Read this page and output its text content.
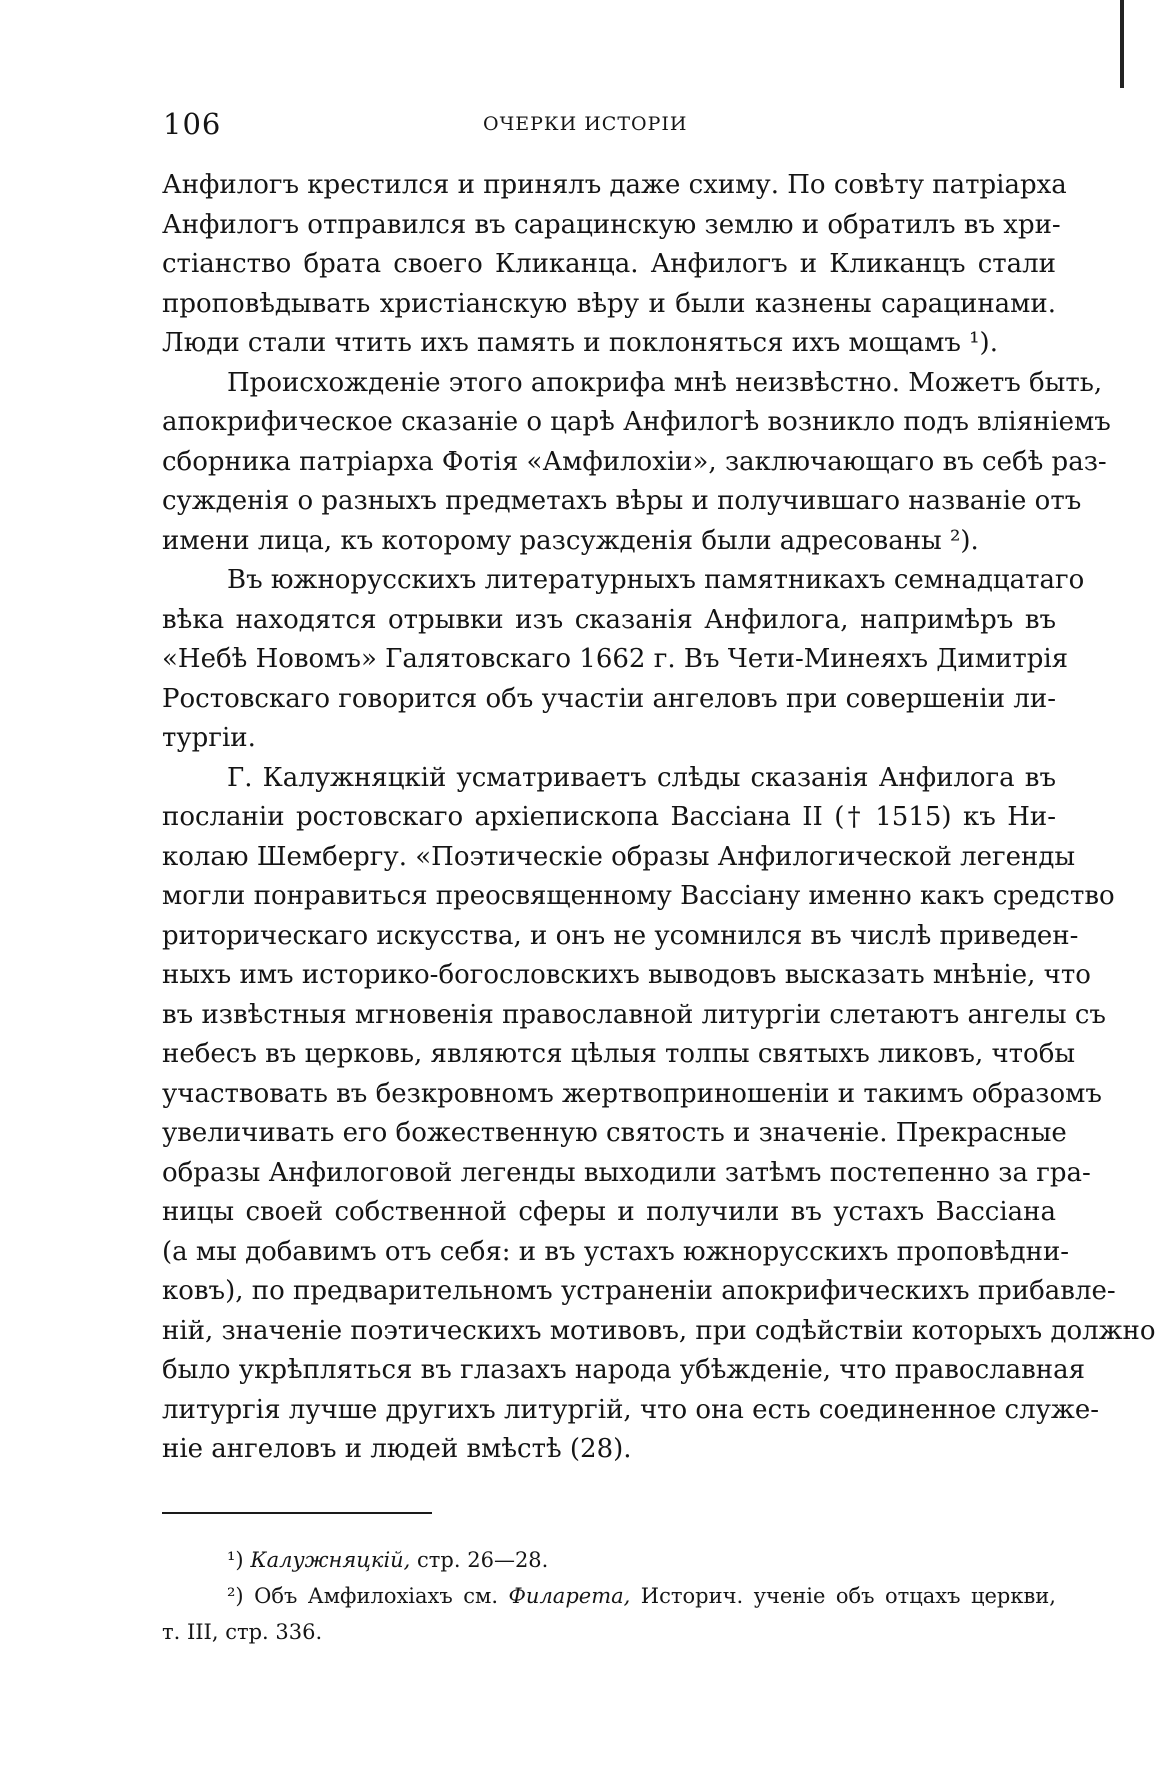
106	ОЧЕРКИ ИСТОРIИ
Анфилогъ крестился и принялъ даже схиму. По совѣту патрiарха
Анфилогъ отправился въ сарацинскую землю и обратилъ въ хри-
стiанство брата своего Кликанца. Анфилогъ и Кликанцъ стали
проповѣдывать христiанскую вѣру и были казнены сарацинами.
Люди стали чтить ихъ память и поклоняться ихъ мощамъ ¹).
Происхожденiе этого апокрифа мнѣ неизвѣстно. Можетъ быть,
апокрифическое сказанiе о царѣ Анфилогѣ возникло подъ влiянiемъ
сборника патрiарха Фотiя «Амфилохiи», заключающаго въ себѣ раз-
сужденiя о разныхъ предметахъ вѣры и получившаго названiе отъ
имени лица, къ которому разсужденiя были адресованы ²).
Въ южнорусскихъ литературныхъ памятникахъ семнадцатаго
вѣка находятся отрывки изъ сказанiя Анфилога, напримѣръ въ
«Небѣ Новомъ» Галятовскаго 1662 г. Въ Чети-Минеяхъ Димитрiя
Ростовскаго говорится объ участiи ангеловъ при совершенiи ли-
тургiи.
Г. Калужняцкiй усматриваетъ слѣды сказанiя Анфилога въ
посланiи ростовскаго архiепископа Вассiана II († 1515) къ Ни-
колаю Шембергу. «Поэтическiе образы Анфилогической легенды
могли понравиться преосвященному Вассiану именно какъ средство
риторическаго искусства, и онъ не усомнился въ числѣ приведен-
ныхъ имъ историко-богословскихъ выводовъ высказать мнѣнiе, что
въ извѣстныя мгновенiя православной литургiи слетаютъ ангелы съ
небесъ въ церковь, являются цѣлыя толпы святыхъ ликовъ, чтобы
участвовать въ безкровномъ жертвоприношенiи и такимъ образомъ
увеличивать его божественную святость и значенiе. Прекрасные
образы Анфилоговой легенды выходили затѣмъ постепенно за гра-
ницы своей собственной сферы и получили въ устахъ Вассiана
(а мы добавимъ отъ себя: и въ устахъ южнорусскихъ проповѣдни-
ковъ), по предварительномъ устраненiи апокрифическихъ прибавле-
нiй, значенiе поэтическихъ мотивовъ, при содѣйствiи которыхъ должно
было укрѣпляться въ глазахъ народа убѣжденiе, что православная
литургiя лучше другихъ литургiй, что она есть соединенное служе-
нiе ангеловъ и людей вмѣстѣ (28).
¹) Калужняцкiй, стр. 26—28.
²) Объ Амфилохiахъ см. Филарета, Историч. ученiе объ отцахъ церкви,
т. III, стр. 336.
